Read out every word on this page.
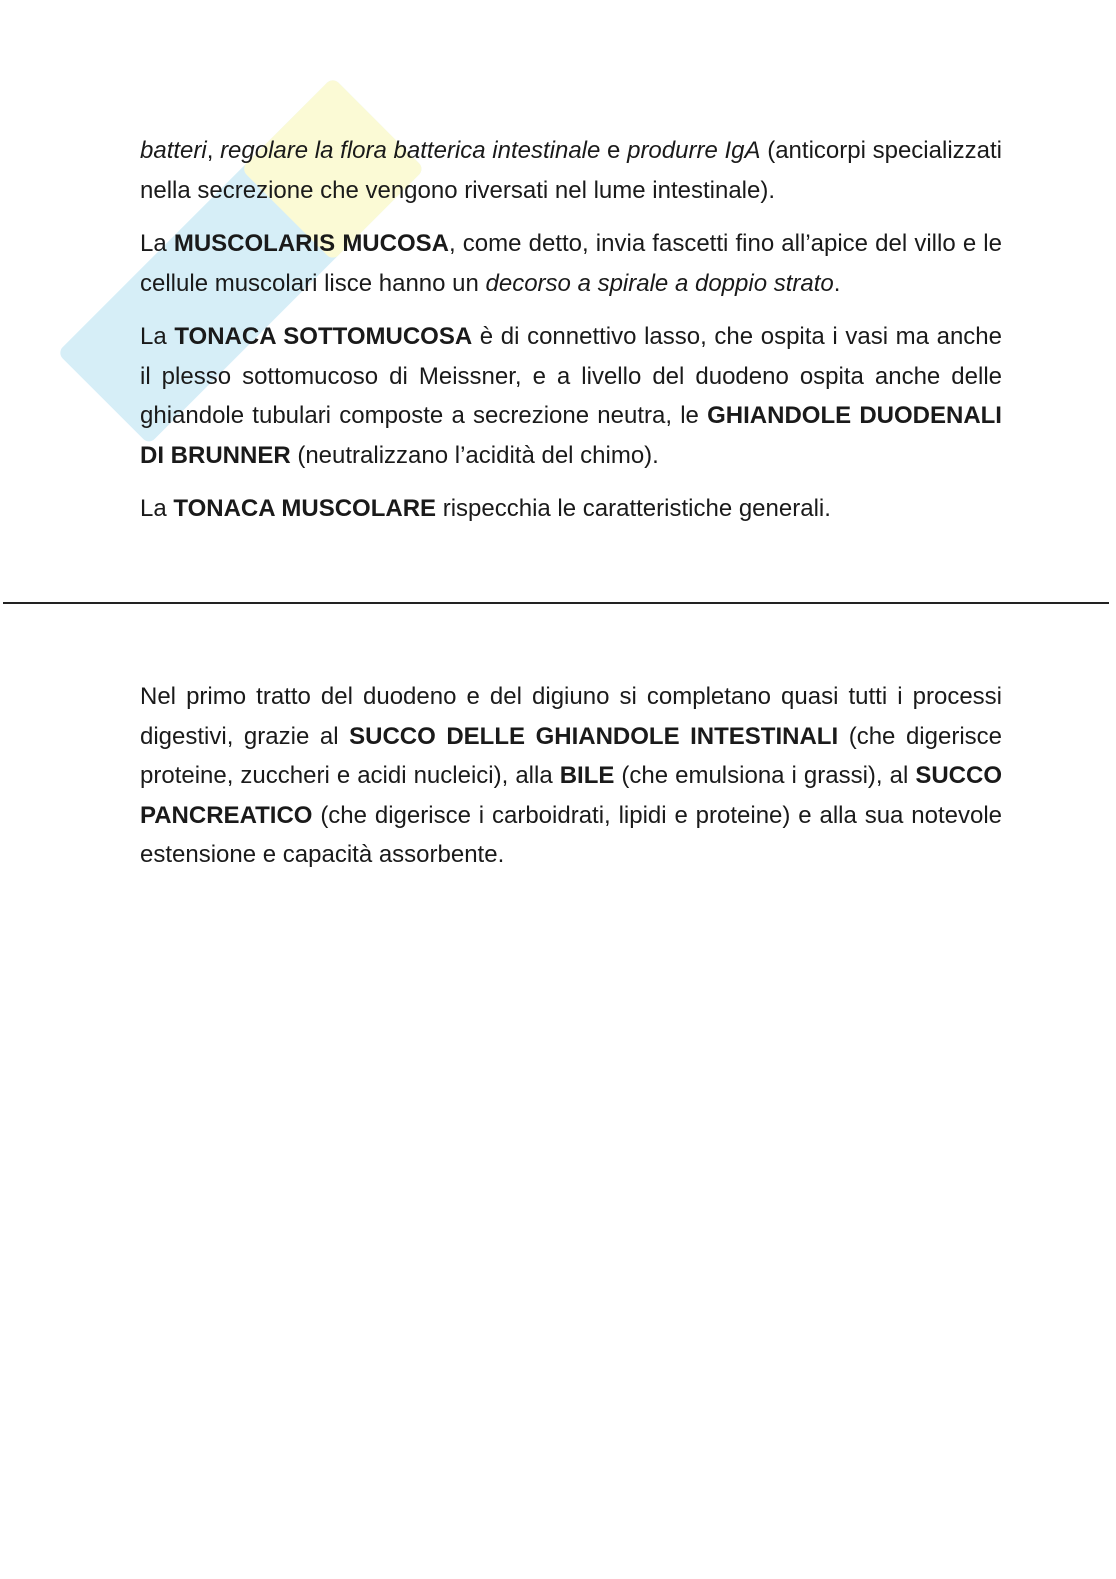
batteri, regolare la flora batterica intestinale e produrre IgA (anticorpi specializzati nella secrezione che vengono riversati nel lume intestinale).

La MUSCOLARIS MUCOSA, come detto, invia fascetti fino all’apice del villo e le cellule muscolari lisce hanno un decorso a spirale a doppio strato.

La TONACA SOTTOMUCOSA è di connettivo lasso, che ospita i vasi ma anche il plesso sottomucoso di Meissner, e a livello del duodeno ospita anche delle ghiandole tubulari composte a secrezione neutra, le GHIANDOLE DUODENALI DI BRUNNER (neutralizzano l’acidità del chimo).

La TONACA MUSCOLARE rispecchia le caratteristiche generali.

Nel primo tratto del duodeno e del digiuno si completano quasi tutti i processi digestivi, grazie al SUCCO DELLE GHIANDOLE INTESTINALI (che digerisce proteine, zuccheri e acidi nucleici), alla BILE (che emulsiona i grassi), al SUCCO PANCREATICO (che digerisce i carboidrati, lipidi e proteine) e alla sua notevole estensione e capacità assorbente.
